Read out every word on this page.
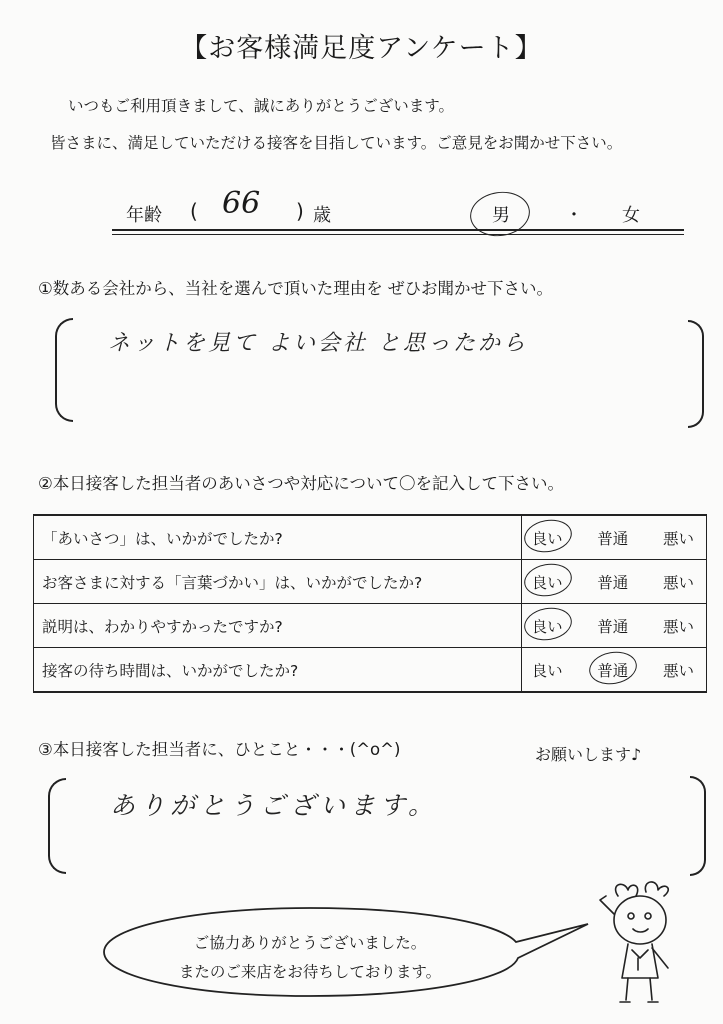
【お客様満足度アンケート】
いつもご利用頂きまして、誠にありがとうございます。
皆さまに、満足していただける接客を目指しています。ご意見をお聞かせ下さい。
年齢 ( 66 ) 歳	男	・ 女
①数ある会社から、当社を選んで頂いた理由を ぜひお聞かせ下さい。
ネットを見て よい会社 と思ったから
②本日接客した担当者のあいさつや対応について〇を記入して下さい。
「あいさつ」は、いかがでしたか?	良い 普通 悪い

お客さまに対する「言葉づかい」は、いかがでしたか?	良い 普通 悪い

説明は、わかりやすかったですか?	良い 普通 悪い

接客の待ち時間は、いかがでしたか?	良い 普通 悪い
③本日接客した担当者に、ひとこと・・・(^o^)	お願いします♪
ありがとうございます。
ご協力ありがとうございました。
またのご来店をお待ちしております。
